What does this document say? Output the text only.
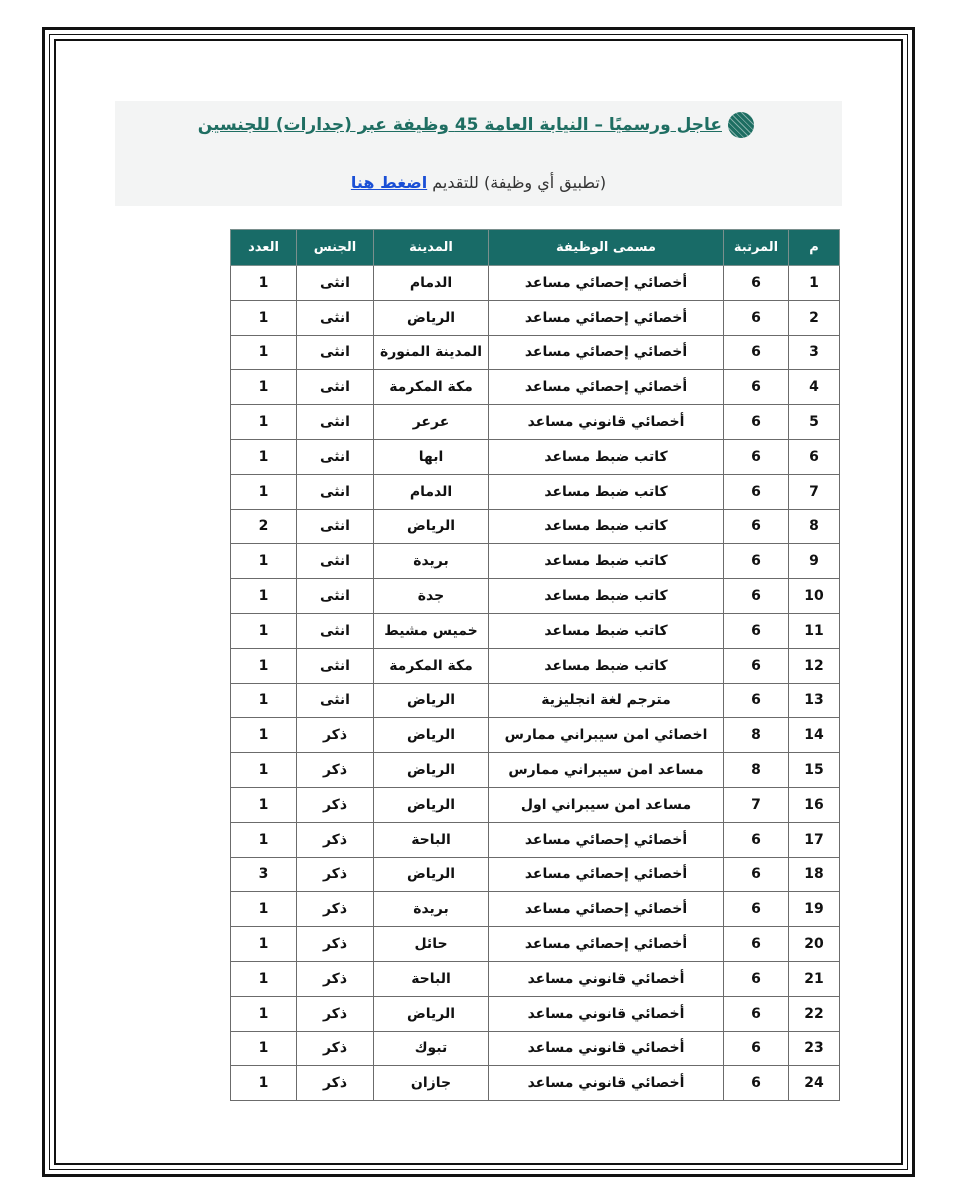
عاجل ورسميًا – النيابة العامة 45 وظيفة عبر (جدارات) للجنسين
(تطبيق أي وظيفة) للتقديم اضغط هنا
م	المرتبة	مسمى الوظيفة	المدينة	الجنس	العدد
1	6	أخصائي إحصائي مساعد	الدمام	انثى	1
2	6	أخصائي إحصائي مساعد	الرياض	انثى	1
3	6	أخصائي إحصائي مساعد	المدينة المنورة	انثى	1
4	6	أخصائي إحصائي مساعد	مكة المكرمة	انثى	1
5	6	أخصائي قانوني مساعد	عرعر	انثى	1
6	6	كاتب ضبط مساعد	ابها	انثى	1
7	6	كاتب ضبط مساعد	الدمام	انثى	1
8	6	كاتب ضبط مساعد	الرياض	انثى	2
9	6	كاتب ضبط مساعد	بريدة	انثى	1
10	6	كاتب ضبط مساعد	جدة	انثى	1
11	6	كاتب ضبط مساعد	خميس مشيط	انثى	1
12	6	كاتب ضبط مساعد	مكة المكرمة	انثى	1
13	6	مترجم لغة انجليزية	الرياض	انثى	1
14	8	اخصائي امن سيبراني ممارس	الرياض	ذكر	1
15	8	مساعد امن سيبراني ممارس	الرياض	ذكر	1
16	7	مساعد امن سيبراني اول	الرياض	ذكر	1
17	6	أخصائي إحصائي مساعد	الباحة	ذكر	1
18	6	أخصائي إحصائي مساعد	الرياض	ذكر	3
19	6	أخصائي إحصائي مساعد	بريدة	ذكر	1
20	6	أخصائي إحصائي مساعد	حائل	ذكر	1
21	6	أخصائي قانوني مساعد	الباحة	ذكر	1
22	6	أخصائي قانوني مساعد	الرياض	ذكر	1
23	6	أخصائي قانوني مساعد	تبوك	ذكر	1
24	6	أخصائي قانوني مساعد	جازان	ذكر	1
